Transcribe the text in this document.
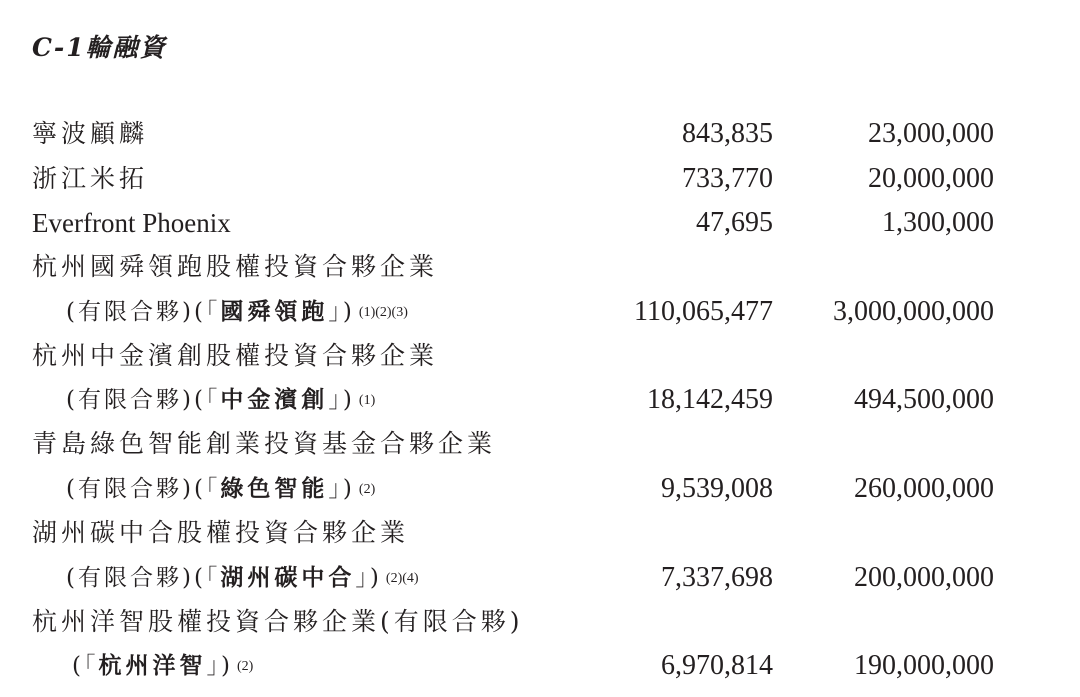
C-1輪融資
寧波顧麟	843,835	23,000,000
浙江米拓	733,770	20,000,000
Everfront Phoenix	47,695	1,300,000
杭州國舜領跑股權投資合夥企業
(有限合夥)(「國舜領跑」) (1)(2)(3)	110,065,477 3,000,000,000
杭州中金濱創股權投資合夥企業
(有限合夥)(「中金濱創」) (1)	18,142,459	494,500,000
青島綠色智能創業投資基金合夥企業
(有限合夥)(「綠色智能」) (2)	9,539,008	260,000,000
湖州碳中合股權投資合夥企業
(有限合夥)(「湖州碳中合」) (2)(4)	7,337,698	200,000,000
杭州洋智股權投資合夥企業(有限合夥)
(「杭州洋智」) (2)	6,970,814	190,000,000
